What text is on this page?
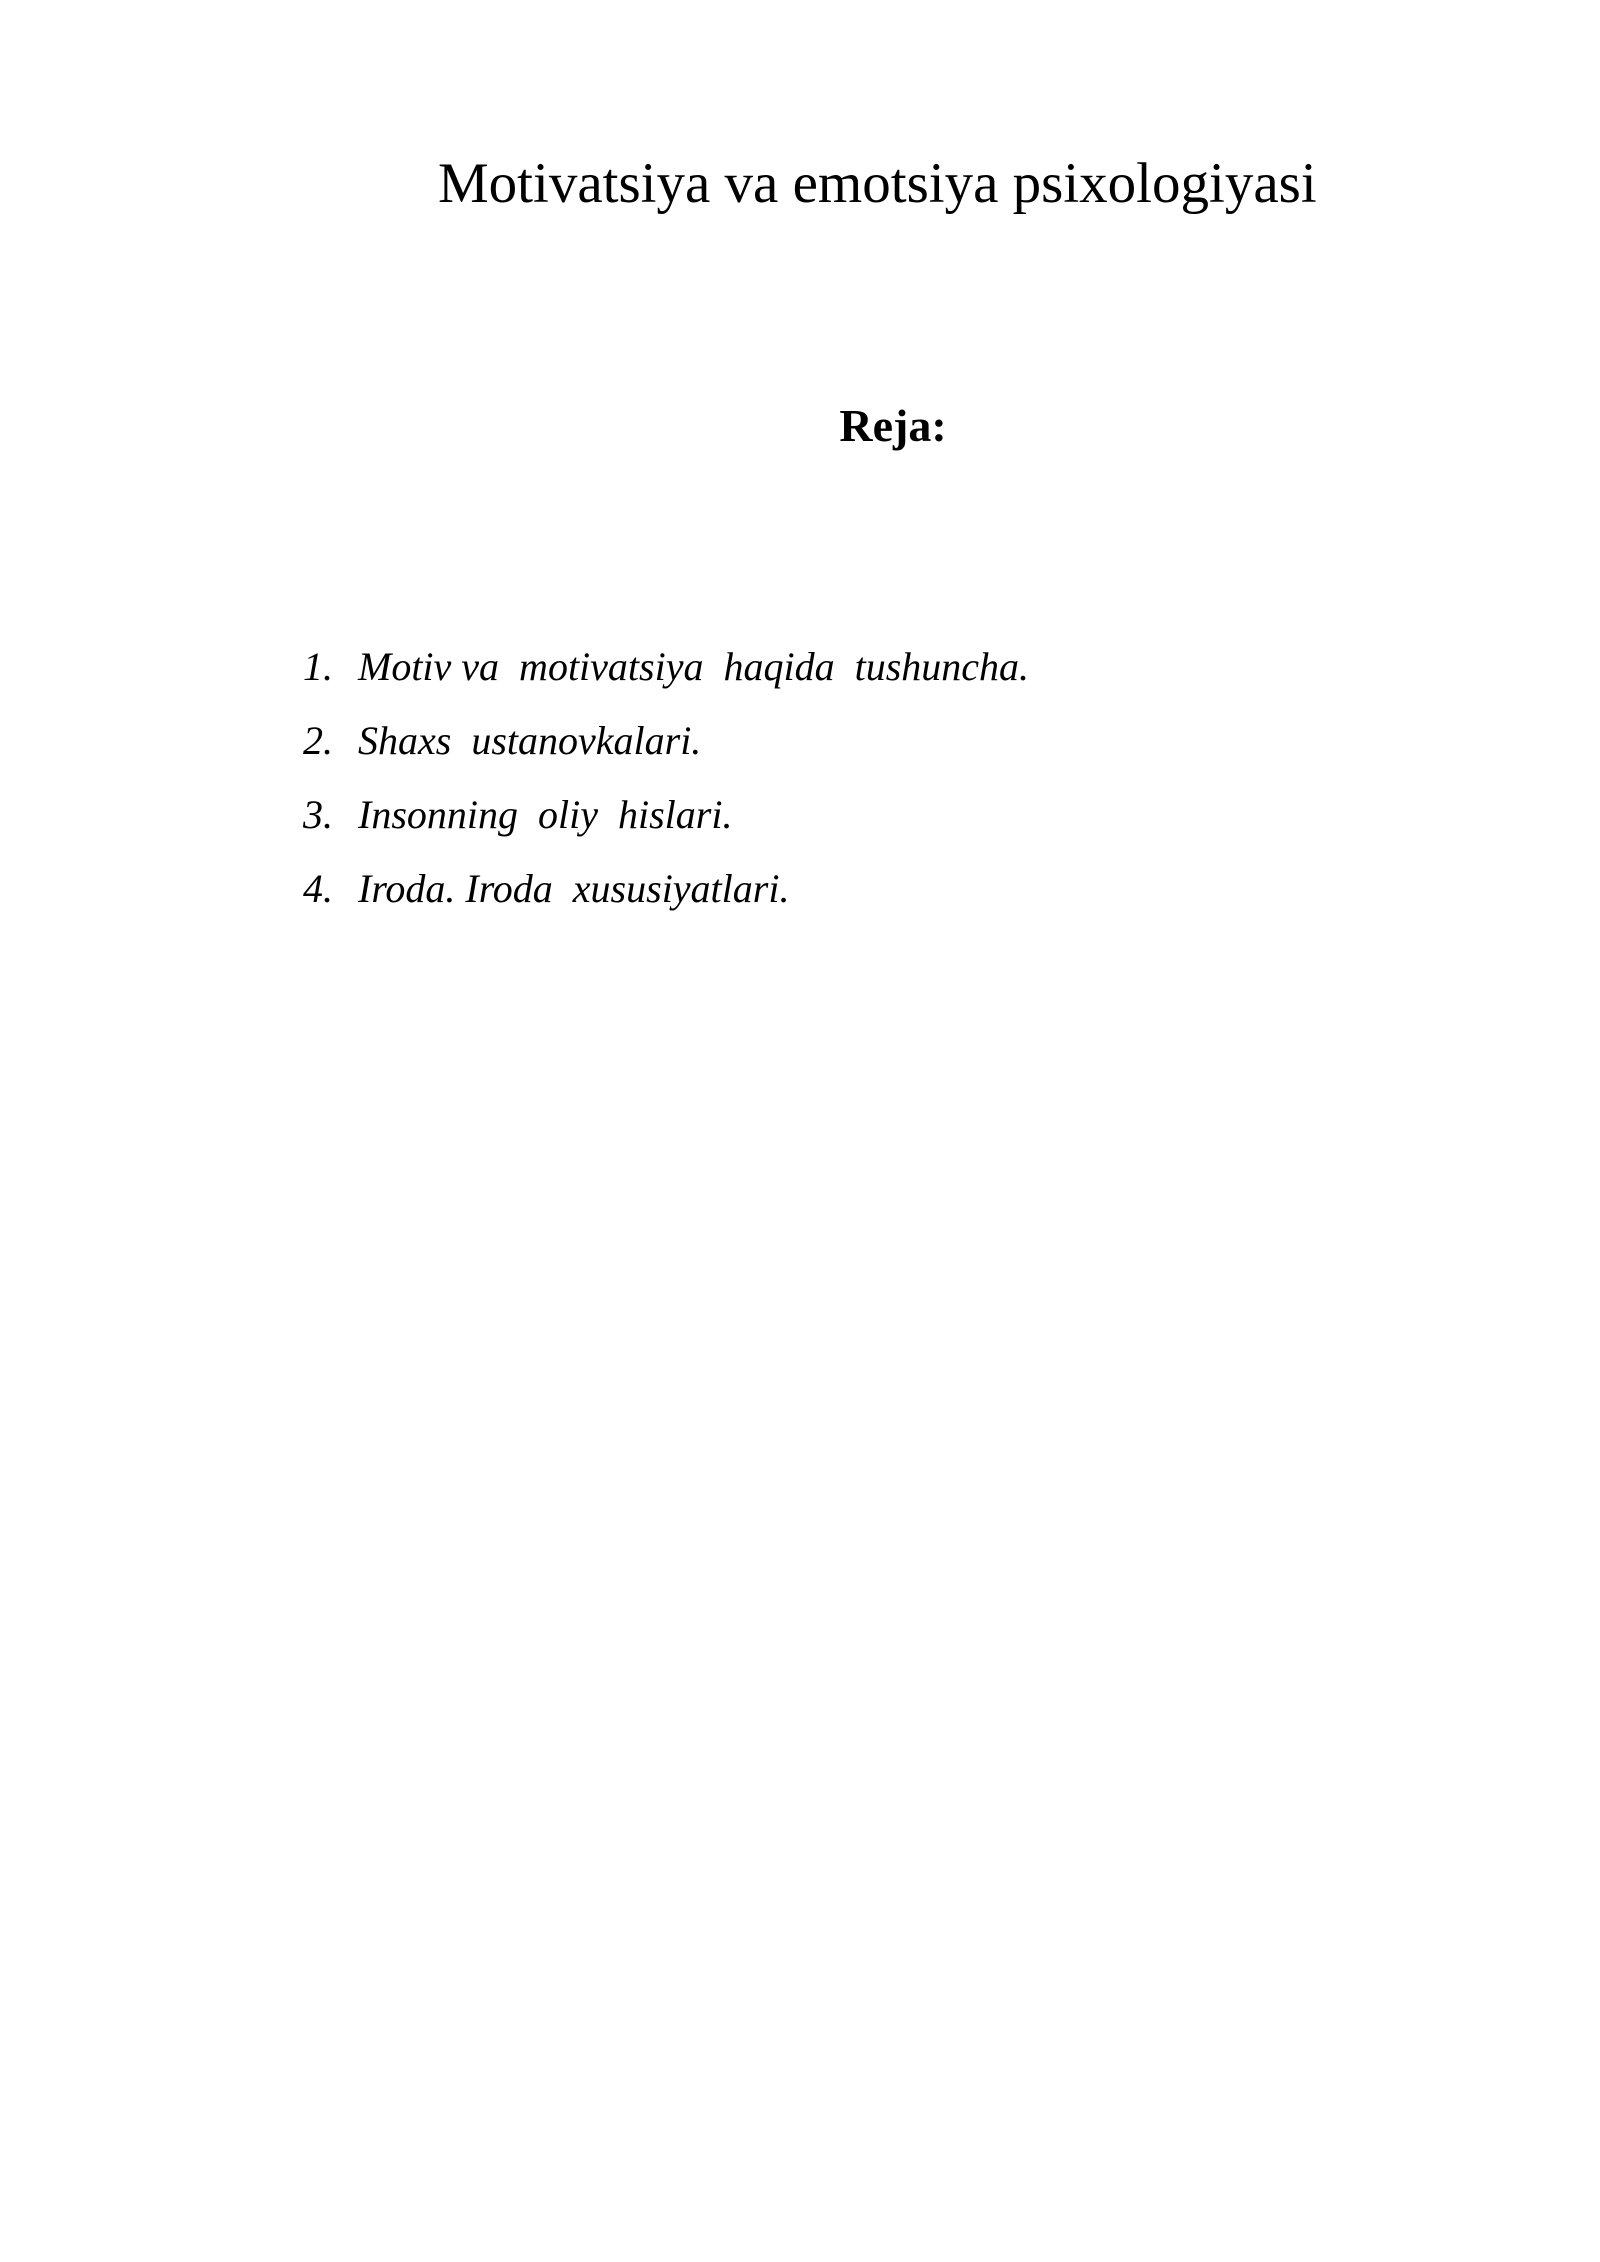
Motivatsiya va emotsiya psixologiyasi
Reja:
1. Motiv va  motivatsiya  haqida  tushuncha.
2. Shaxs  ustanovkalari.
3. Insonning  oliy  hislari.
4. Iroda. Iroda  xususiyatlari.
